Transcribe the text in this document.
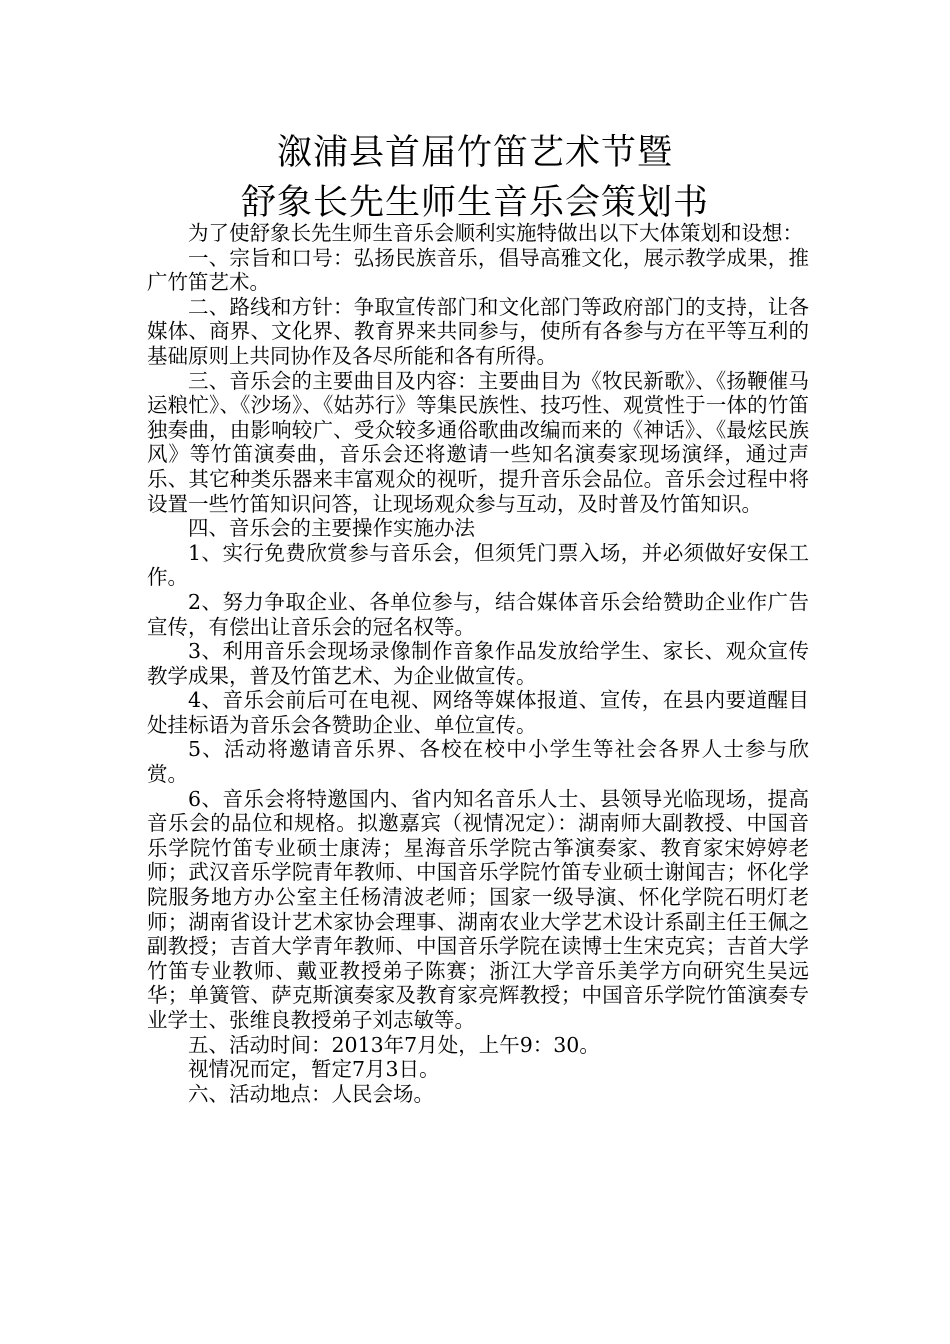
溆浦县首届竹笛艺术节暨
舒象长先生师生音乐会策划书

为了使舒象长先生师生音乐会顺利实施特做出以下大体策划和设想：

一、宗旨和口号：弘扬民族音乐，倡导高雅文化，展示教学成果，推广竹笛艺术。

二、路线和方针：争取宣传部门和文化部门等政府部门的支持，让各媒体、商界、文化界、教育界来共同参与，使所有各参与方在平等互利的基础原则上共同协作及各尽所能和各有所得。

三、音乐会的主要曲目及内容：主要曲目为《牧民新歌》、《扬鞭催马运粮忙》、《沙场》、《姑苏行》等集民族性、技巧性、观赏性于一体的竹笛独奏曲，由影响较广、受众较多通俗歌曲改编而来的《神话》、《最炫民族风》等竹笛演奏曲，音乐会还将邀请一些知名演奏家现场演绎，通过声乐、其它种类乐器来丰富观众的视听，提升音乐会品位。音乐会过程中将设置一些竹笛知识问答，让现场观众参与互动，及时普及竹笛知识。

四、音乐会的主要操作实施办法

1、实行免费欣赏参与音乐会，但须凭门票入场，并必须做好安保工作。

2、努力争取企业、各单位参与，结合媒体音乐会给赞助企业作广告宣传，有偿出让音乐会的冠名权等。

3、利用音乐会现场录像制作音象作品发放给学生、家长、观众宣传教学成果，普及竹笛艺术、为企业做宣传。

4、音乐会前后可在电视、网络等媒体报道、宣传，在县内要道醒目处挂标语为音乐会各赞助企业、单位宣传。

5、活动将邀请音乐界、各校在校中小学生等社会各界人士参与欣赏。

6、音乐会将特邀国内、省内知名音乐人士、县领导光临现场，提高音乐会的品位和规格。拟邀嘉宾（视情况定）：湖南师大副教授、中国音乐学院竹笛专业硕士康涛；星海音乐学院古筝演奏家、教育家宋婷婷老师；武汉音乐学院青年教师、中国音乐学院竹笛专业硕士谢闻吉；怀化学院服务地方办公室主任杨清波老师；国家一级导演、怀化学院石明灯老师；湖南省设计艺术家协会理事、湖南农业大学艺术设计系副主任王佩之副教授；吉首大学青年教师、中国音乐学院在读博士生宋克宾；吉首大学竹笛专业教师、戴亚教授弟子陈赛；浙江大学音乐美学方向研究生吴远华；单簧管、萨克斯演奏家及教育家亮辉教授；中国音乐学院竹笛演奏专业学士、张维良教授弟子刘志敏等。

五、活动时间：2013年7月处，上午9：30。

视情况而定，暂定7月3日。

六、活动地点：人民会场。
